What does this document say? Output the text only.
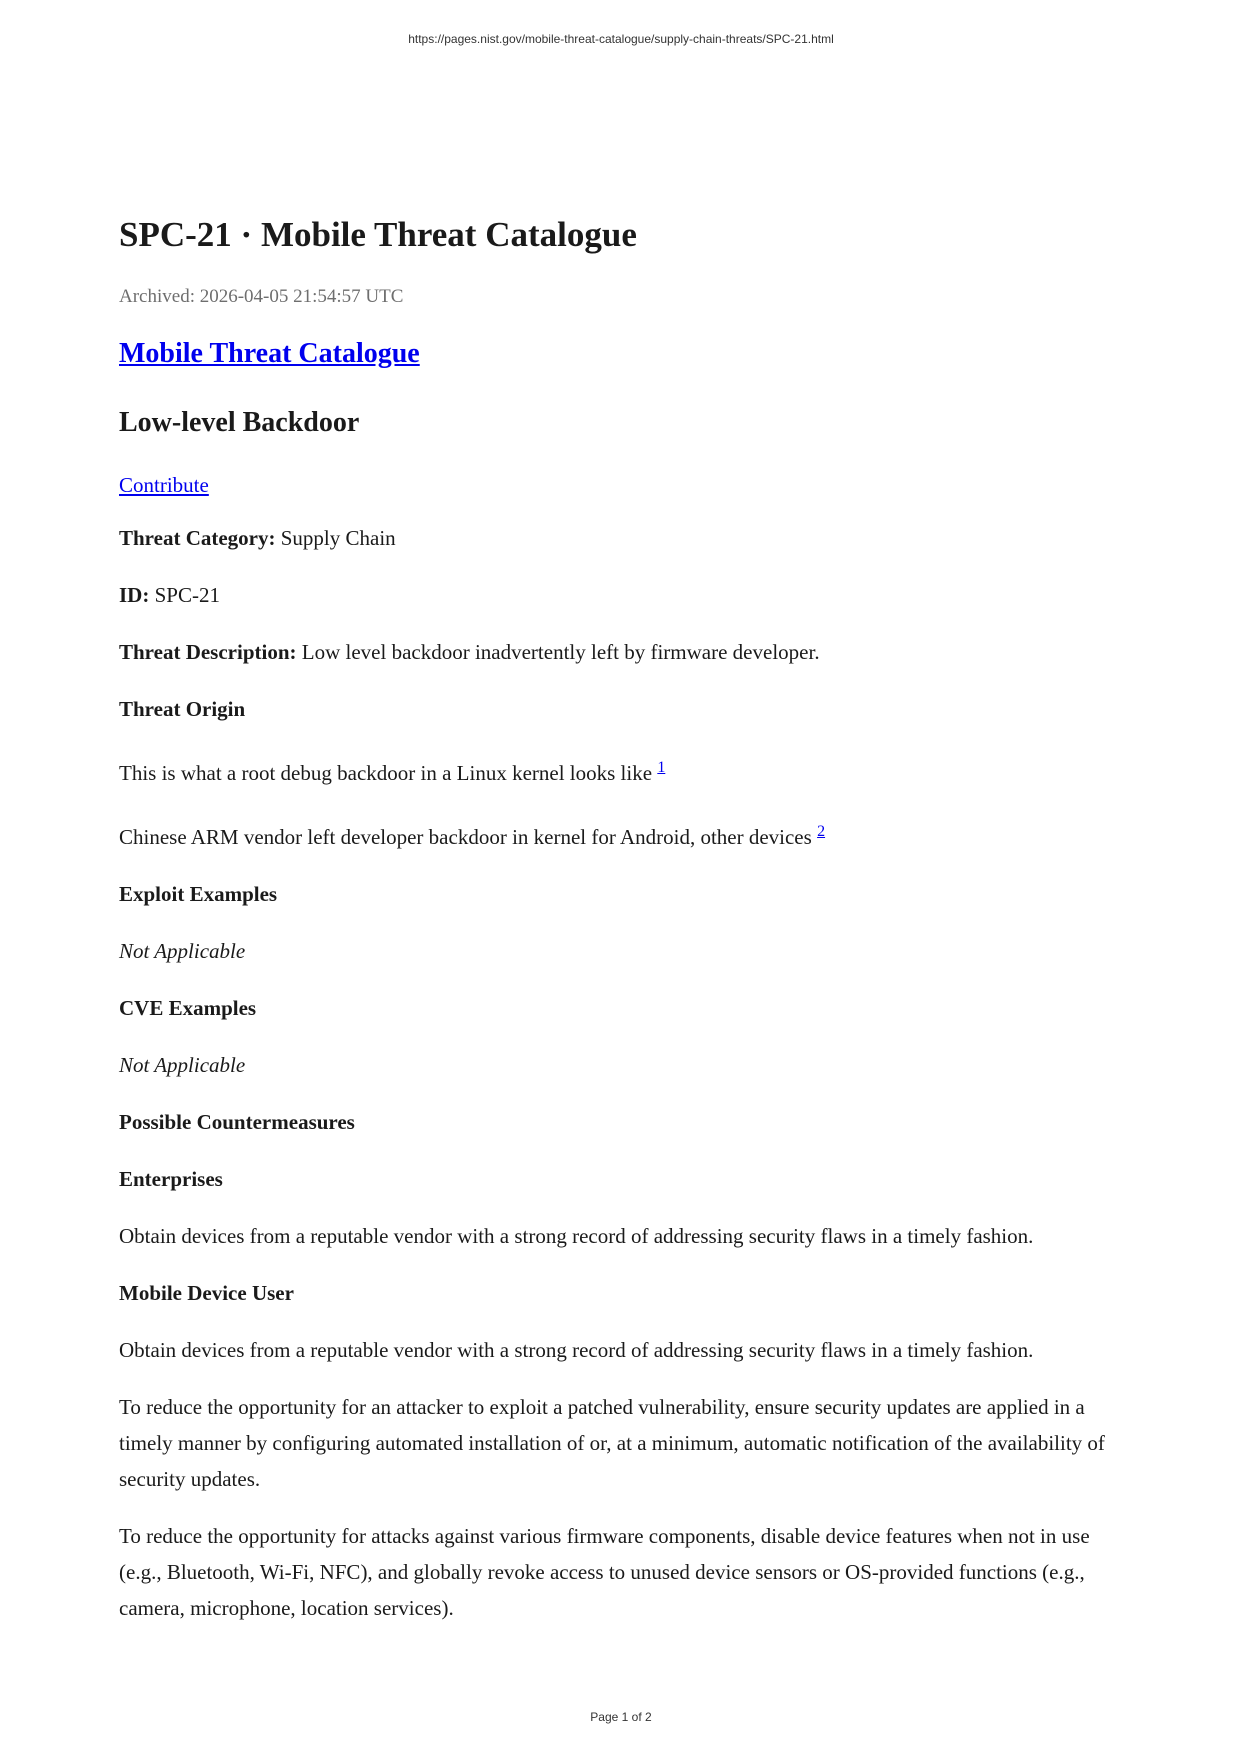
https://pages.nist.gov/mobile-threat-catalogue/supply-chain-threats/SPC-21.html
SPC-21 · Mobile Threat Catalogue
Archived: 2026-04-05 21:54:57 UTC
Mobile Threat Catalogue
Low-level Backdoor
Contribute

Threat Category: Supply Chain

ID: SPC-21

Threat Description: Low level backdoor inadvertently left by firmware developer.

Threat Origin

This is what a root debug backdoor in a Linux kernel looks like $^1$

Chinese ARM vendor left developer backdoor in kernel for Android, other devices $^2$

Exploit Examples

Not Applicable

CVE Examples

Not Applicable

Possible Countermeasures

Enterprises

Obtain devices from a reputable vendor with a strong record of addressing security flaws in a timely fashion.

Mobile Device User

Obtain devices from a reputable vendor with a strong record of addressing security flaws in a timely fashion.

To reduce the opportunity for an attacker to exploit a patched vulnerability, ensure security updates are applied in a timely manner by configuring automated installation of or, at a minimum, automatic notification of the availability of security updates.

To reduce the opportunity for attacks against various firmware components, disable device features when not in use (e.g., Bluetooth, Wi-Fi, NFC), and globally revoke access to unused device sensors or OS-provided functions (e.g., camera, microphone, location services).

Page 1 of 2
